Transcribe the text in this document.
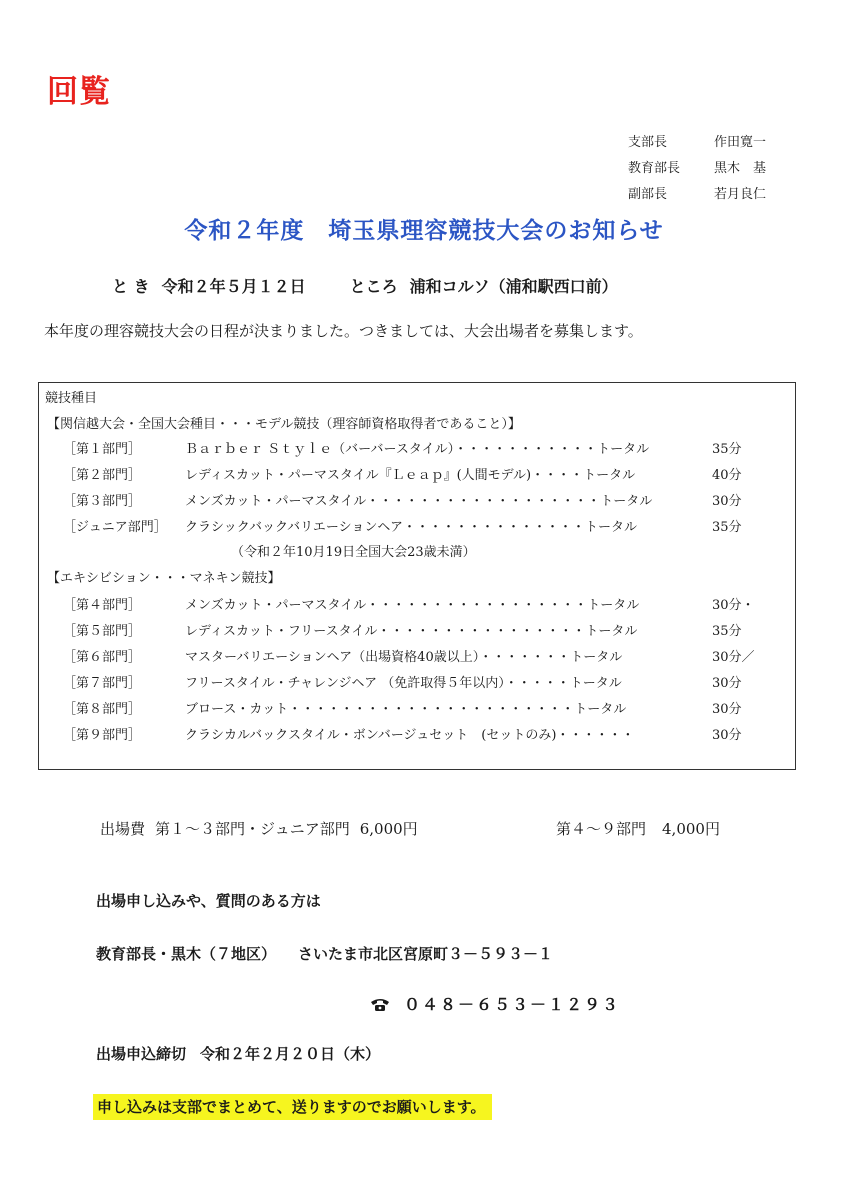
回覧
支部長	作田寛一
教育部長	黒木　基
副部長	若月良仁
令和２年度　埼玉県理容競技大会のお知らせ
と き 令和２年５月１２日	ところ 浦和コルソ（浦和駅西口前）
本年度の理容競技大会の日程が決まりました。つきましては、大会出場者を募集します。
競技種目
【関信越大会・全国大会種目・・・モデル競技（理容師資格取得者であること）】
［第１部門］	Ｂａｒｂｅｒ Ｓｔｙｌｅ（バーバースタイル）・・・・・・・・・・・トータル	35分
［第２部門］	レディスカット・パーマスタイル『Ｌｅａｐ』(人間モデル)・・・・トータル	40分
［第３部門］	メンズカット・パーマスタイル・・・・・・・・・・・・・・・・・・トータル	30分
［ジュニア部門］ クラシックバックバリエーションヘア・・・・・・・・・・・・・・トータル	35分
（令和２年10月19日全国大会23歳未満）
【エキシビション・・・マネキン競技】
［第４部門］	メンズカット・パーマスタイル・・・・・・・・・・・・・・・・・トータル	30分・
［第５部門］	レディスカット・フリースタイル・・・・・・・・・・・・・・・・トータル	35分
［第６部門］	マスターバリエーションヘア（出場資格40歳以上）・・・・・・・トータル	30分／
［第７部門］	フリースタイル・チャレンジヘア （免許取得５年以内）・・・・・トータル	30分
［第８部門］	ブロース・カット・・・・・・・・・・・・・・・・・・・・・・トータル	30分
［第９部門］	クラシカルバックスタイル・ボンバージュセット　(セットのみ)・・・・・・	30分
出場費 第１～３部門・ジュニア部門 6,000円	第４～９部門 4,000円
出場申し込みや、質問のある方は
教育部長・黒木（７地区） さいたま市北区宮原町３－５９３－１
０４８－６５３－１２９３
出場申込締切 令和２年２月２０日（木）
申し込みは支部でまとめて、送りますのでお願いします。
